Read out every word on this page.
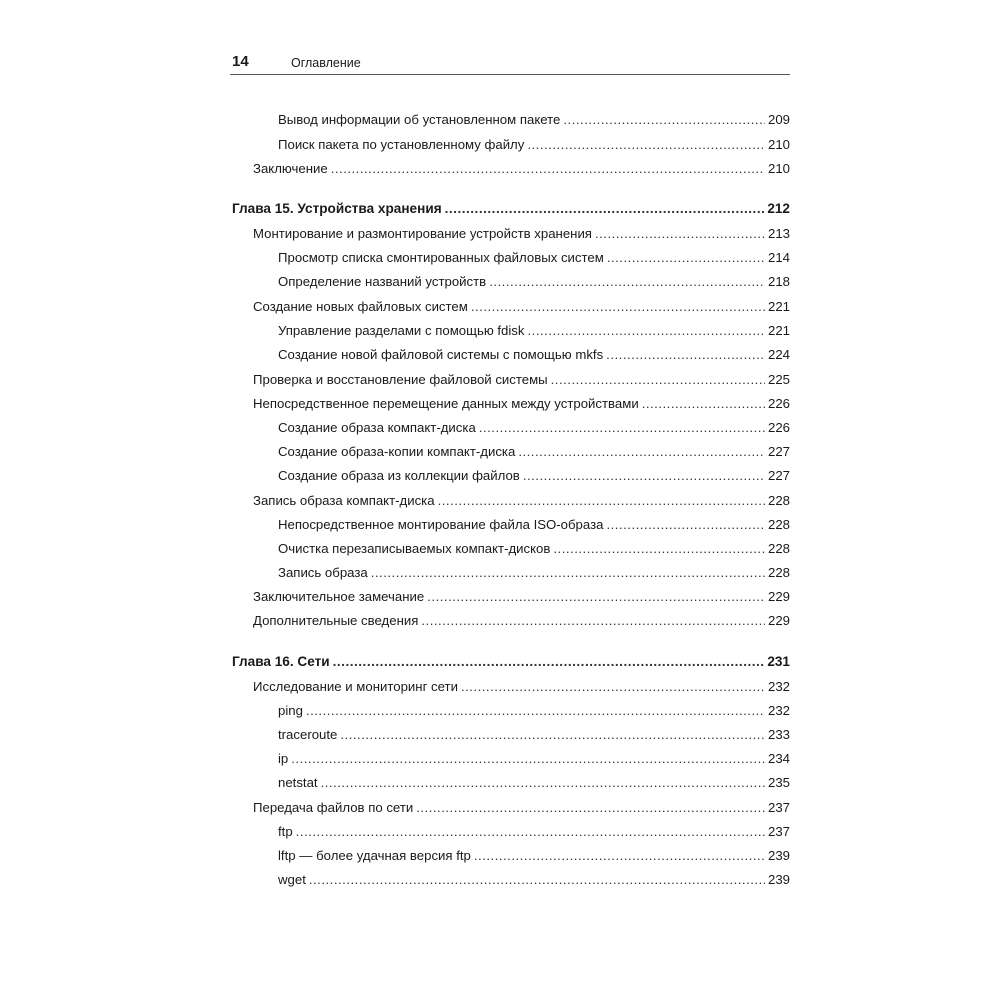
14	Оглавление
Вывод информации об установленном пакете .....	209
Поиск пакета по установленному файлу .....	210
Заключение .....	210
Глава 15. Устройства хранения .....	212
Монтирование и размонтирование устройств хранения .....	213
Просмотр списка смонтированных файловых систем .....	214
Определение названий устройств .....	218
Создание новых файловых систем .....	221
Управление разделами с помощью fdisk .....	221
Создание новой файловой системы с помощью mkfs .....	224
Проверка и восстановление файловой системы .....	225
Непосредственное перемещение данных между устройствами .....	226
Создание образа компакт-диска .....	226
Создание образа-копии компакт-диска .....	227
Создание образа из коллекции файлов .....	227
Запись образа компакт-диска .....	228
Непосредственное монтирование файла ISO-образа .....	228
Очистка перезаписываемых компакт-дисков .....	228
Запись образа .....	228
Заключительное замечание .....	229
Дополнительные сведения .....	229
Глава 16. Сети .....	231
Исследование и мониторинг сети .....	232
ping .....	232
traceroute .....	233
ip .....	234
netstat .....	235
Передача файлов по сети .....	237
ftp .....	237
lftp — более удачная версия ftp .....	239
wget .....	239
